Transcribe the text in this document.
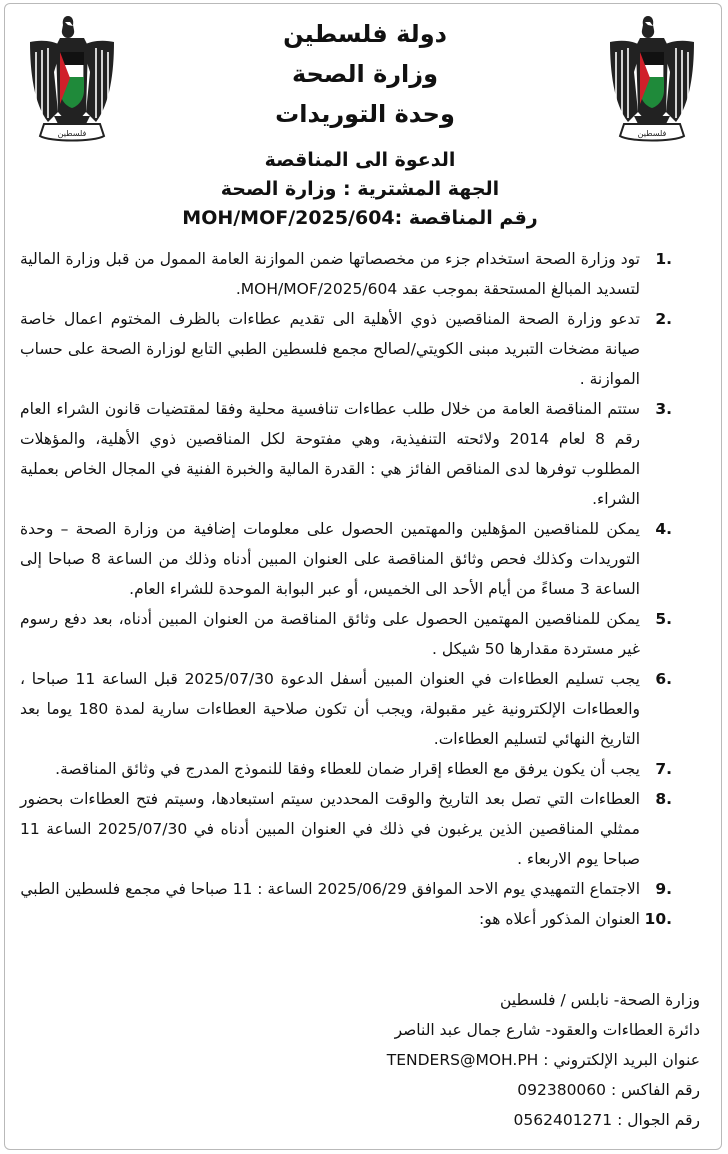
فلسطين
فلسطين
دولة فلسطين
وزارة الصحة
وحدة التوريدات
الدعوة الى المناقصة
الجهة المشترية : وزارة الصحة
رقم المناقصة :MOH/MOF/2025/604
1.
تود وزارة الصحة استخدام جزء من مخصصاتها ضمن الموازنة العامة الممول من قبل وزارة المالية لتسديد المبالغ المستحقة بموجب عقد MOH/MOF/2025/604.
2.
تدعو وزارة الصحة المناقصين ذوي الأهلية الى تقديم عطاءات بالظرف المختوم اعمال خاصة صيانة مضخات التبريد مبنى الكويتي/لصالح مجمع فلسطين الطبي التابع لوزارة الصحة على حساب الموازنة .
3.
ستتم المناقصة العامة من خلال طلب عطاءات تنافسية محلية وفقا لمقتضيات قانون الشراء العام رقم 8 لعام 2014 ولائحته التنفيذية، وهي مفتوحة لكل المناقصين ذوي الأهلية، والمؤهلات المطلوب توفرها لدى المناقص الفائز هي : القدرة المالية والخبرة الفنية في المجال الخاص بعملية الشراء.
4.
يمكن للمناقصين المؤهلين والمهتمين الحصول على معلومات إضافية من وزارة الصحة – وحدة التوريدات وكذلك فحص وثائق المناقصة على العنوان المبين أدناه وذلك من الساعة 8 صباحا إلى الساعة 3 مساءً من أيام الأحد الى الخميس، أو عبر البوابة الموحدة للشراء العام.
5.
يمكن للمناقصين المهتمين الحصول على وثائق المناقصة من العنوان المبين أدناه، بعد دفع رسوم غير مستردة مقدارها 50 شيكل .
6.
يجب تسليم العطاءات في العنوان المبين أسفل الدعوة 2025/07/30 قبل الساعة 11 صباحا ، والعطاءات الإلكترونية غير مقبولة، ويجب أن تكون صلاحية العطاءات سارية لمدة 180 يوما بعد التاريخ النهائي لتسليم العطاءات.
7.
يجب أن يكون يرفق مع العطاء إقرار ضمان للعطاء وفقا للنموذج المدرج في وثائق المناقصة.
8.
العطاءات التي تصل بعد التاريخ والوقت المحددين سيتم استبعادها، وسيتم فتح العطاءات بحضور ممثلي المناقصين الذين يرغبون في ذلك في العنوان المبين أدناه في 2025/07/30 الساعة 11 صباحا يوم الاربعاء .
9.
الاجتماع التمهيدي يوم الاحد الموافق 2025/06/29 الساعة : 11 صباحا في مجمع فلسطين الطبي
10.
العنوان المذكور أعلاه هو:
وزارة الصحة- نابلس / فلسطين
دائرة العطاءات والعقود- شارع جمال عبد الناصر
عنوان البريد الإلكتروني : TENDERS@MOH.PH
رقم الفاكس : 092380060
رقم الجوال : 0562401271
